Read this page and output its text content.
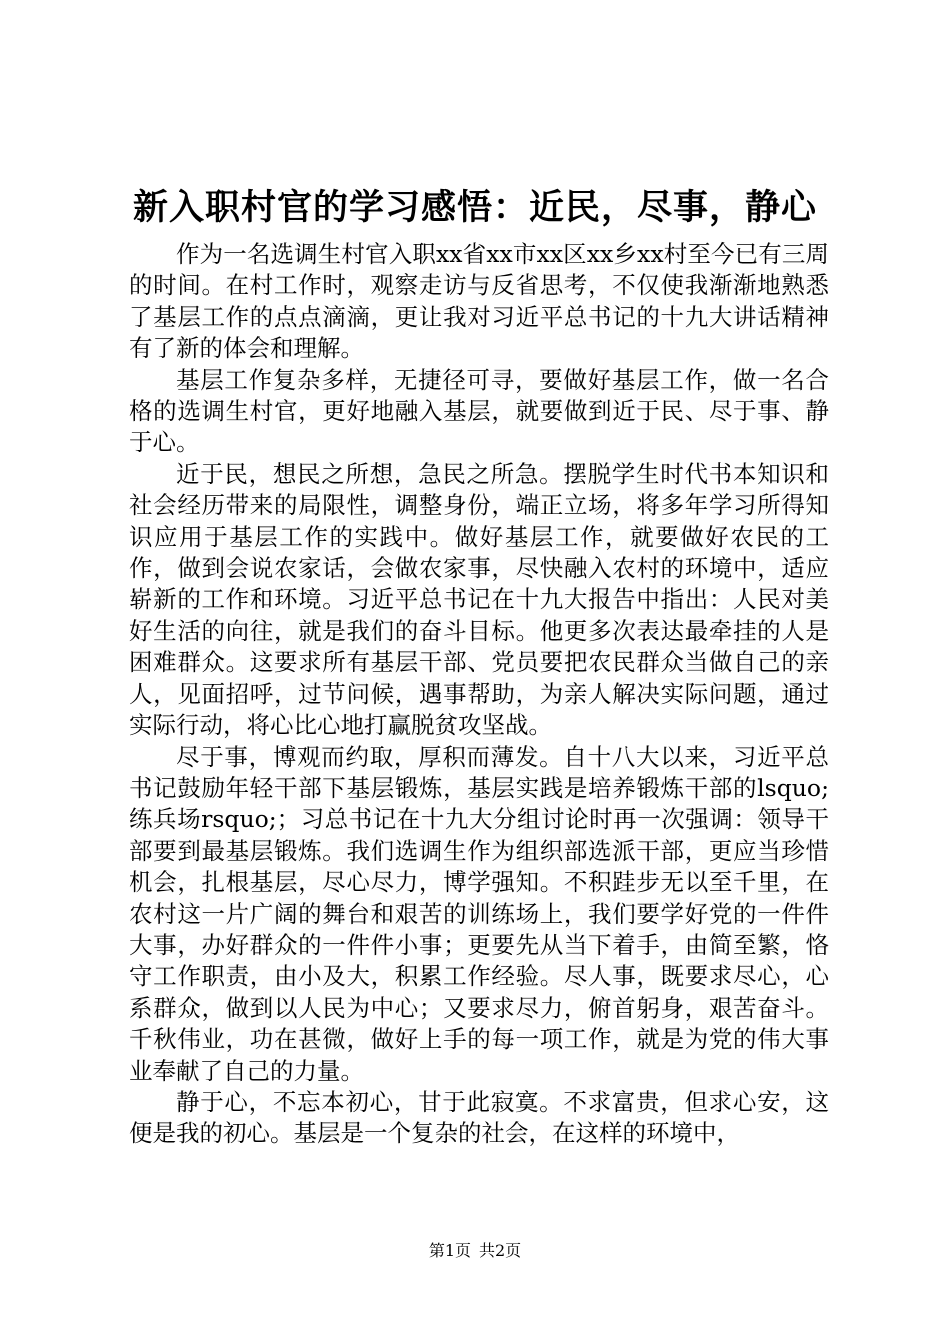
新入职村官的学习感悟：近民，尽事，静心

作为一名选调生村官入职xx省xx市xx区xx乡xx村至今已有三周的时间。在村工作时，观察走访与反省思考，不仅使我渐渐地熟悉了基层工作的点点滴滴，更让我对习近平总书记的十九大讲话精神有了新的体会和理解。

基层工作复杂多样，无捷径可寻，要做好基层工作，做一名合格的选调生村官，更好地融入基层，就要做到近于民、尽于事、静于心。

近于民，想民之所想，急民之所急。摆脱学生时代书本知识和社会经历带来的局限性，调整身份，端正立场，将多年学习所得知识应用于基层工作的实践中。做好基层工作，就要做好农民的工作，做到会说农家话，会做农家事，尽快融入农村的环境中，适应崭新的工作和环境。习近平总书记在十九大报告中指出：人民对美好生活的向往，就是我们的奋斗目标。他更多次表达最牵挂的人是困难群众。这要求所有基层干部、党员要把农民群众当做自己的亲人，见面招呼，过节问候，遇事帮助，为亲人解决实际问题，通过实际行动，将心比心地打赢脱贫攻坚战。

尽于事，博观而约取，厚积而薄发。自十八大以来，习近平总书记鼓励年轻干部下基层锻炼，基层实践是培养锻炼干部的lsquo;练兵场rsquo;；习总书记在十九大分组讨论时再一次强调：领导干部要到最基层锻炼。我们选调生作为组织部选派干部，更应当珍惜机会，扎根基层，尽心尽力，博学强知。不积跬步无以至千里，在农村这一片广阔的舞台和艰苦的训练场上，我们要学好党的一件件大事，办好群众的一件件小事；更要先从当下着手，由简至繁，恪守工作职责，由小及大，积累工作经验。尽人事，既要求尽心，心系群众，做到以人民为中心；又要求尽力，俯首躬身，艰苦奋斗。千秋伟业，功在甚微，做好上手的每一项工作，就是为党的伟大事业奉献了自己的力量。

静于心，不忘本初心，甘于此寂寞。不求富贵，但求心安，这便是我的初心。基层是一个复杂的社会，在这样的环境中，

第1页 共2页
